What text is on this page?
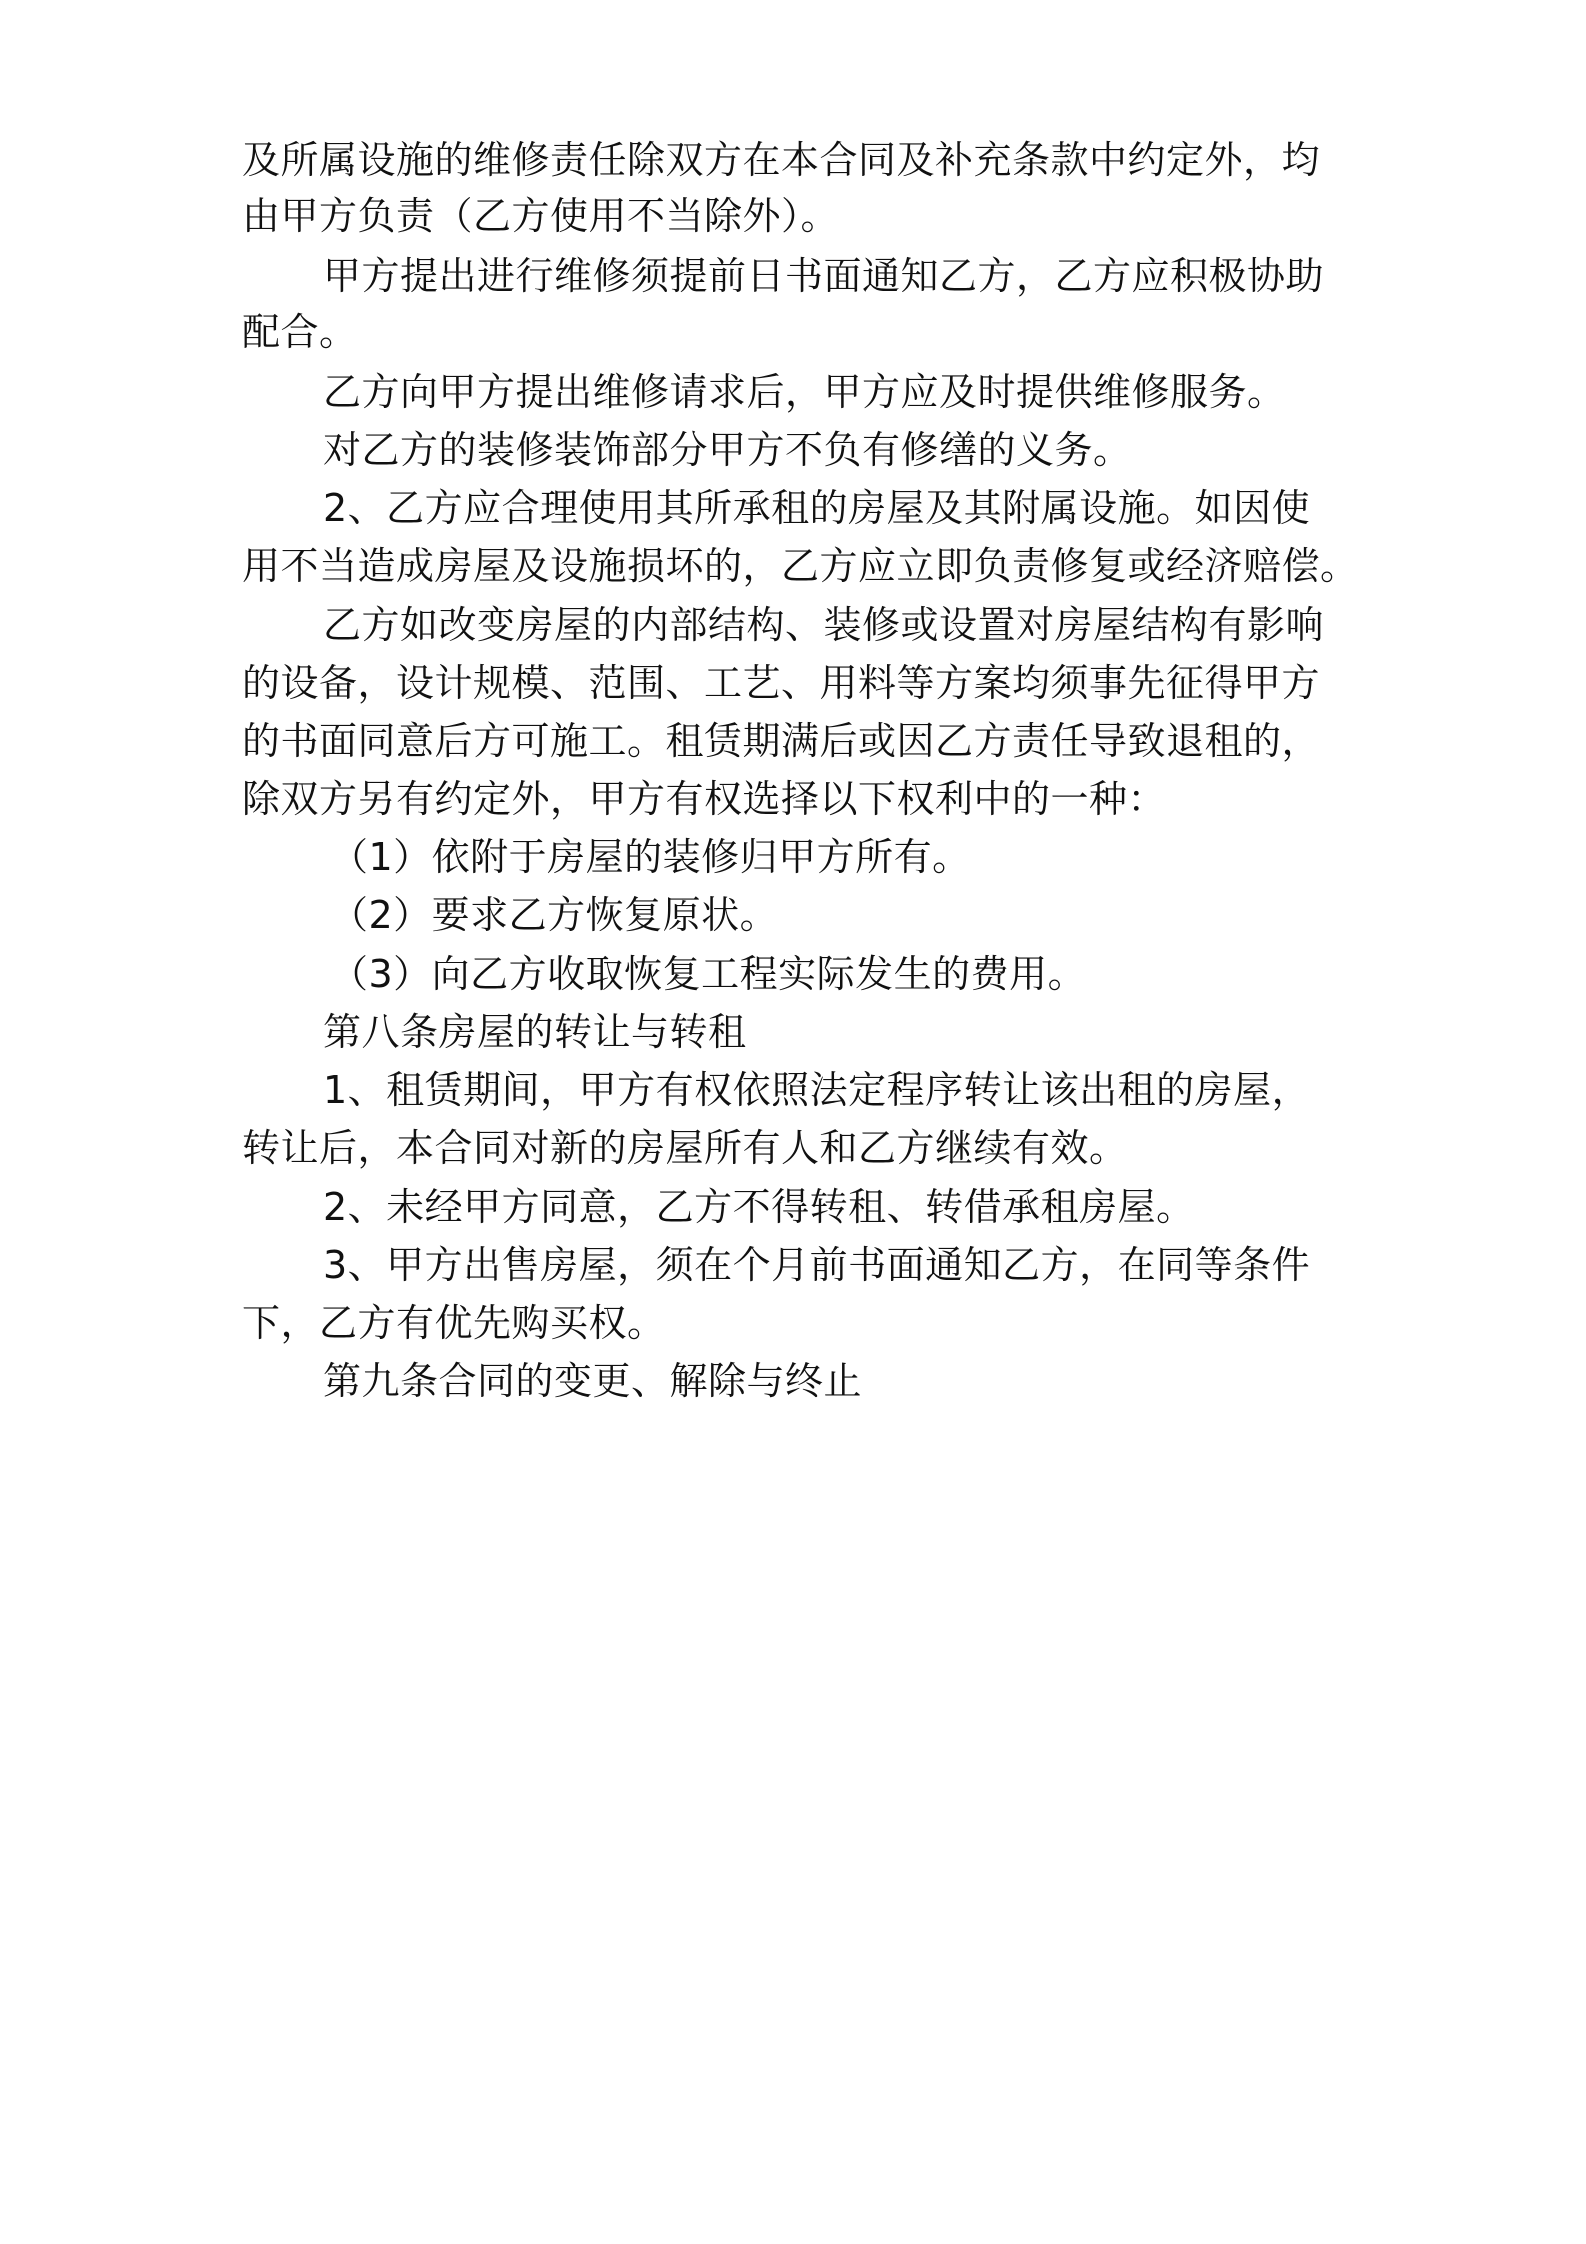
及所属设施的维修责任除双方在本合同及补充条款中约定外，均
由甲方负责（乙方使用不当除外）。
甲方提出进行维修须提前日书面通知乙方，乙方应积极协助
配合。
乙方向甲方提出维修请求后，甲方应及时提供维修服务。
对乙方的装修装饰部分甲方不负有修缮的义务。
2、乙方应合理使用其所承租的房屋及其附属设施。如因使
用不当造成房屋及设施损坏的，乙方应立即负责修复或经济赔偿。
乙方如改变房屋的内部结构、装修或设置对房屋结构有影响
的设备，设计规模、范围、工艺、用料等方案均须事先征得甲方
的书面同意后方可施工。租赁期满后或因乙方责任导致退租的，
除双方另有约定外，甲方有权选择以下权利中的一种：
（1）依附于房屋的装修归甲方所有。
（2）要求乙方恢复原状。
（3）向乙方收取恢复工程实际发生的费用。
第八条房屋的转让与转租
1、租赁期间，甲方有权依照法定程序转让该出租的房屋，
转让后，本合同对新的房屋所有人和乙方继续有效。
2、未经甲方同意，乙方不得转租、转借承租房屋。
3、甲方出售房屋，须在个月前书面通知乙方，在同等条件
下，乙方有优先购买权。
第九条合同的变更、解除与终止
